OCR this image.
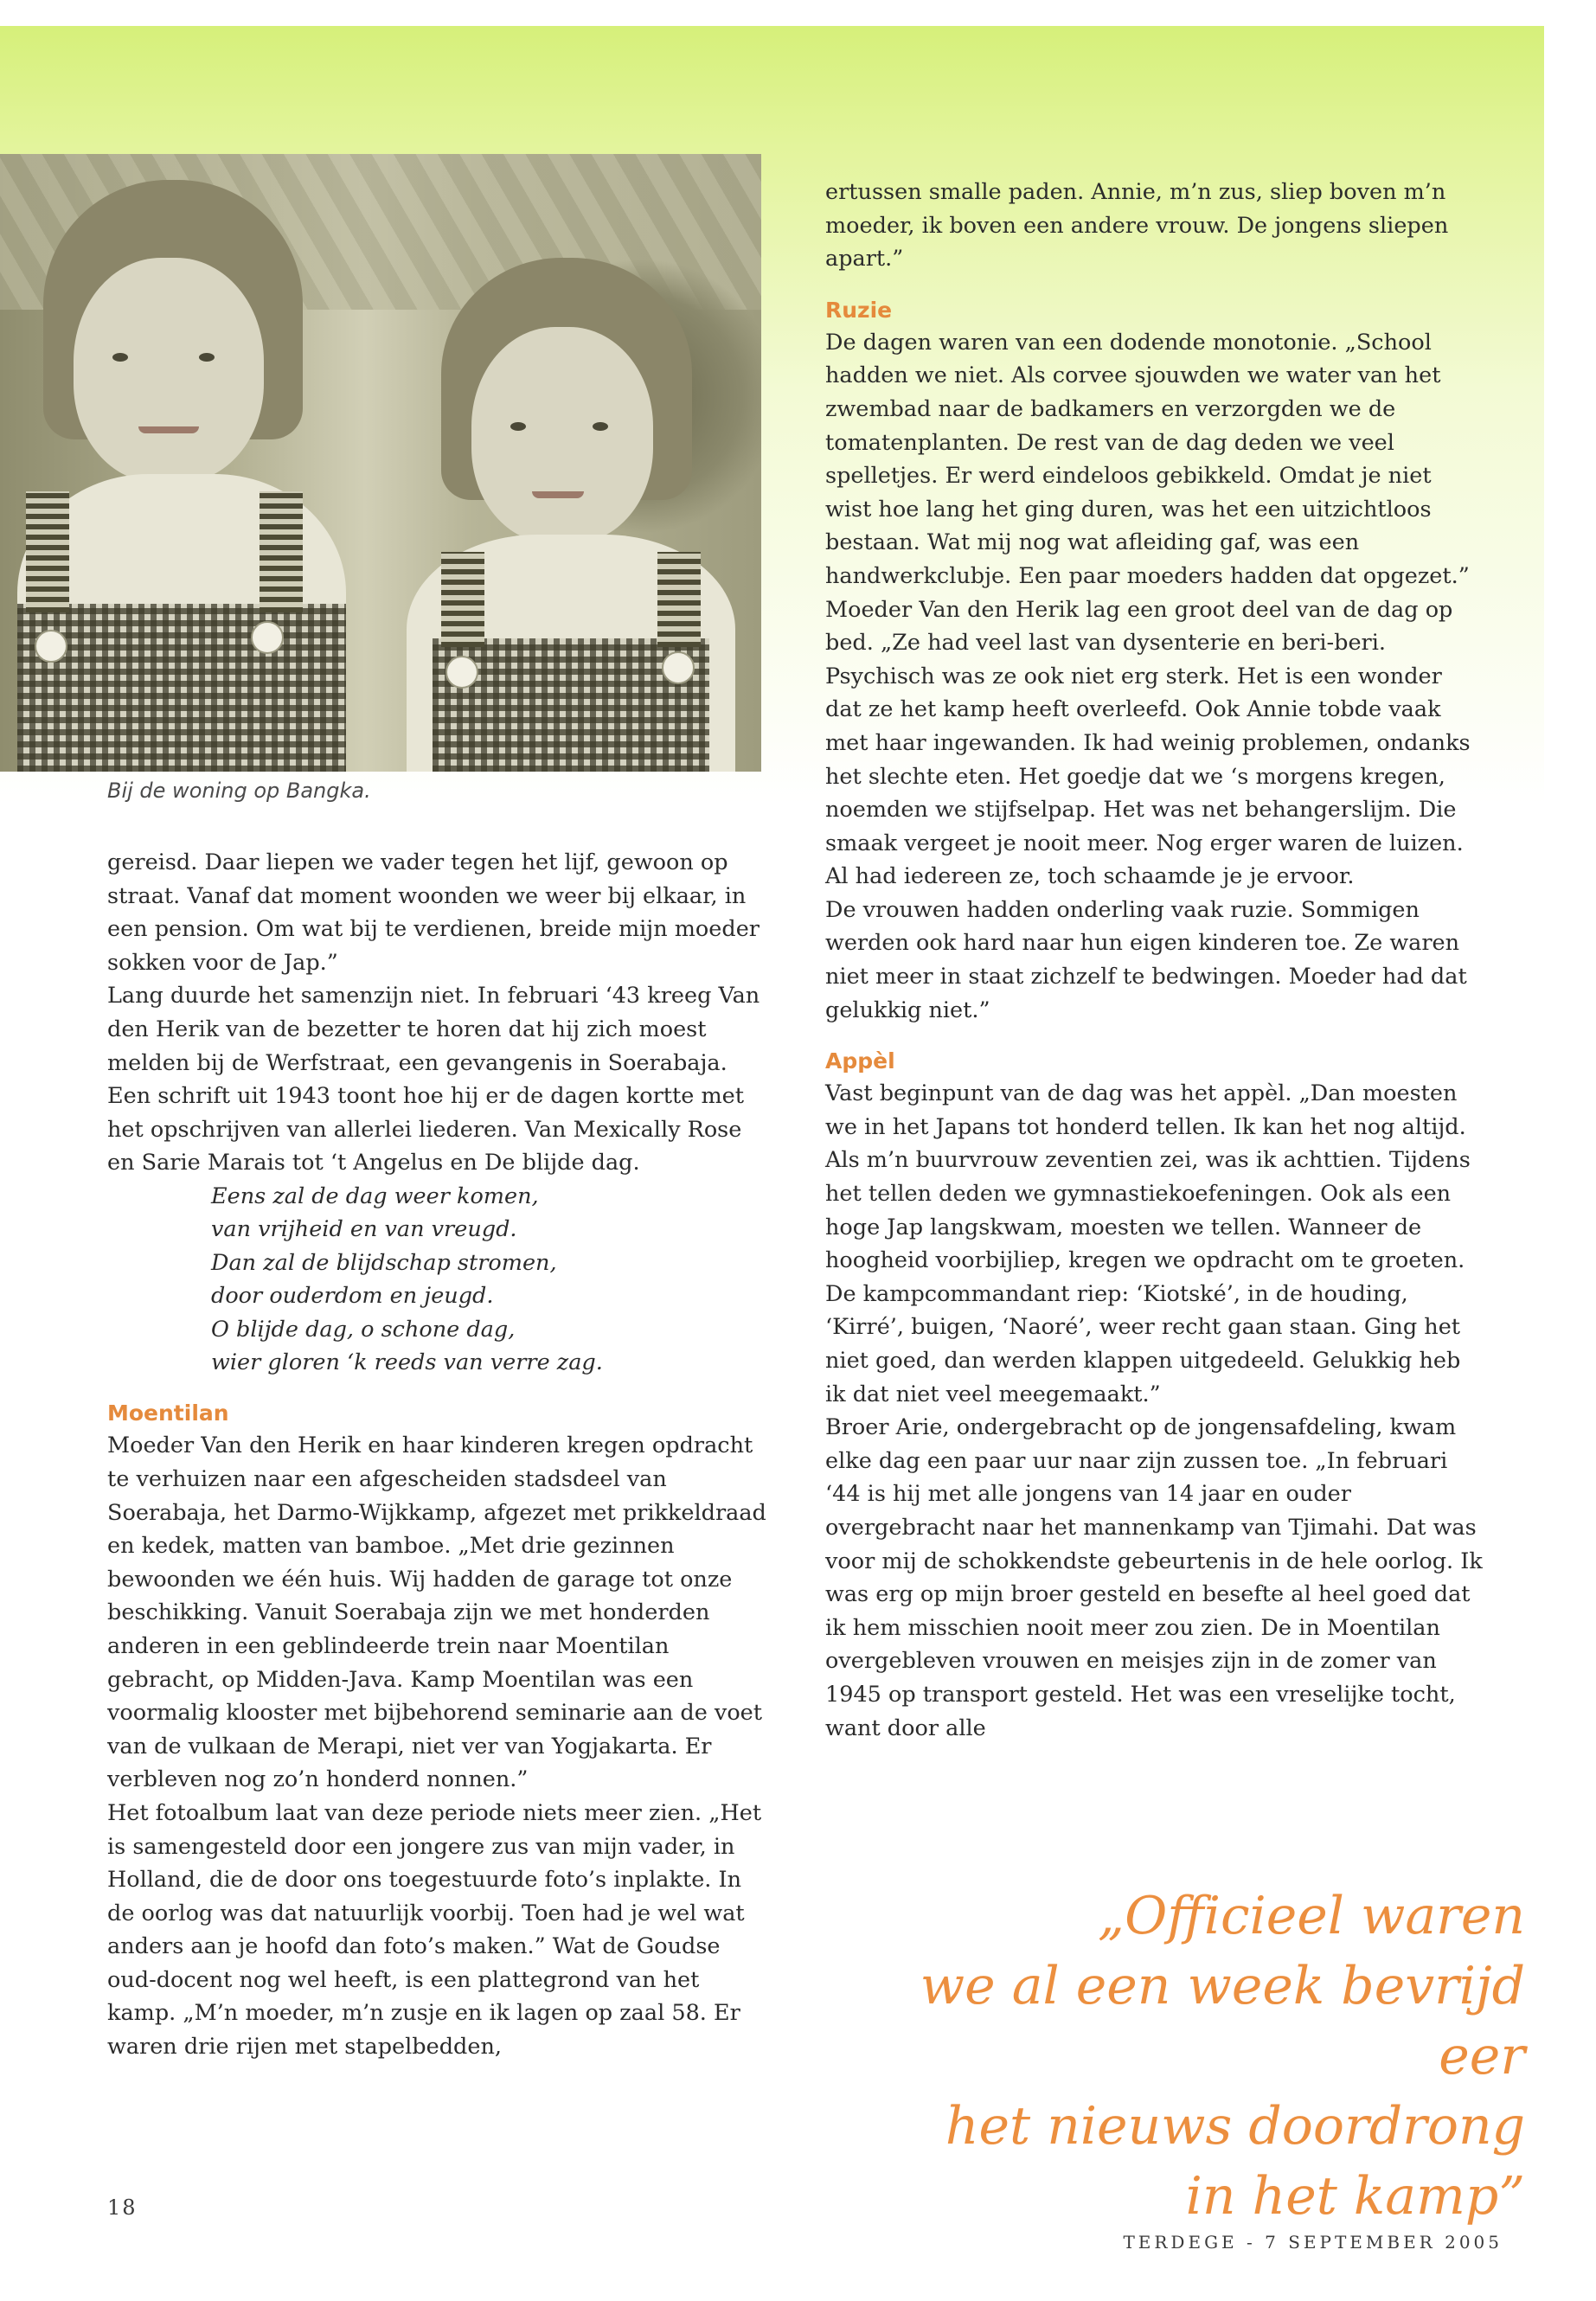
Bij de woning op Bangka.

gereisd. Daar liepen we vader tegen het lijf, gewoon op straat. Vanaf dat moment woonden we weer bij elkaar, in een pension. Om wat bij te verdienen, breide mijn moeder sokken voor de Jap.”

Lang duurde het samenzijn niet. In februari ‘43 kreeg Van den Herik van de bezetter te horen dat hij zich moest melden bij de Werfstraat, een gevangenis in Soerabaja. Een schrift uit 1943 toont hoe hij er de dagen kortte met het opschrijven van allerlei liederen. Van Mexically Rose en Sarie Marais tot ‘t Angelus en De blijde dag.

Eens zal de dag weer komen,
van vrijheid en van vreugd.
Dan zal de blijdschap stromen,
door ouderdom en jeugd.
O blijde dag, o schone dag,
wier gloren ‘k reeds van verre zag.
Moentilan

Moeder Van den Herik en haar kinderen kregen opdracht te verhuizen naar een afgescheiden stadsdeel van Soerabaja, het Darmo-Wijkkamp, afgezet met prikkeldraad en kedek, matten van bamboe. „Met drie gezinnen bewoonden we één huis. Wij hadden de garage tot onze beschikking. Vanuit Soerabaja zijn we met honderden anderen in een geblindeerde trein naar Moentilan gebracht, op Midden-Java. Kamp Moentilan was een voormalig klooster met bijbehorend seminarie aan de voet van de vulkaan de Merapi, niet ver van Yogjakarta. Er verbleven nog zo’n honderd nonnen.”

Het fotoalbum laat van deze periode niets meer zien. „Het is samengesteld door een jongere zus van mijn vader, in Holland, die de door ons toegestuurde foto’s inplakte. In de oorlog was dat natuurlijk voorbij. Toen had je wel wat anders aan je hoofd dan foto’s maken.” Wat de Goudse oud-docent nog wel heeft, is een plattegrond van het kamp. „M’n moeder, m’n zusje en ik lagen op zaal 58. Er waren drie rijen met stapelbedden,

ertussen smalle paden. Annie, m’n zus, sliep boven m’n moeder, ik boven een andere vrouw. De jongens sliepen apart.”

Ruzie

De dagen waren van een dodende monotonie. „School hadden we niet. Als corvee sjouwden we water van het zwembad naar de badkamers en verzorgden we de tomatenplanten. De rest van de dag deden we veel spelletjes. Er werd eindeloos gebikkeld. Omdat je niet wist hoe lang het ging duren, was het een uitzichtloos bestaan. Wat mij nog wat afleiding gaf, was een handwerkclubje. Een paar moeders hadden dat opgezet.”

Moeder Van den Herik lag een groot deel van de dag op bed. „Ze had veel last van dysenterie en beri-beri. Psychisch was ze ook niet erg sterk. Het is een wonder dat ze het kamp heeft overleefd. Ook Annie tobde vaak met haar ingewanden. Ik had weinig problemen, ondanks het slechte eten. Het goedje dat we ‘s morgens kregen, noemden we stijfselpap. Het was net behangerslijm. Die smaak vergeet je nooit meer. Nog erger waren de luizen. Al had iedereen ze, toch schaamde je je ervoor.

De vrouwen hadden onderling vaak ruzie. Sommigen werden ook hard naar hun eigen kinderen toe. Ze waren niet meer in staat zichzelf te bedwingen. Moeder had dat gelukkig niet.”

Appèl

Vast beginpunt van de dag was het appèl. „Dan moesten we in het Japans tot honderd tellen. Ik kan het nog altijd. Als m’n buurvrouw zeventien zei, was ik achttien. Tijdens het tellen deden we gymnastiekoefeningen. Ook als een hoge Jap langskwam, moesten we tellen. Wanneer de hoogheid voorbijliep, kregen we opdracht om te groeten. De kampcommandant riep: ‘Kiotské’, in de houding, ‘Kirré’, buigen, ‘Naoré’, weer recht gaan staan. Ging het niet goed, dan werden klappen uitgedeeld. Gelukkig heb ik dat niet veel meegemaakt.”

Broer Arie, ondergebracht op de jongensafdeling, kwam elke dag een paar uur naar zijn zussen toe. „In februari ‘44 is hij met alle jongens van 14 jaar en ouder overgebracht naar het mannenkamp van Tjimahi. Dat was voor mij de schokkendste gebeurtenis in de hele oorlog. Ik was erg op mijn broer gesteld en besefte al heel goed dat ik hem misschien nooit meer zou zien. De in Moentilan overgebleven vrouwen en meisjes zijn in de zomer van 1945 op transport gesteld. Het was een vreselijke tocht, want door alle

„Officieel waren
we al een week bevrijd eer
het nieuws doordrong
in het kamp”
18
TERDEGE - 7 SEPTEMBER 2005
